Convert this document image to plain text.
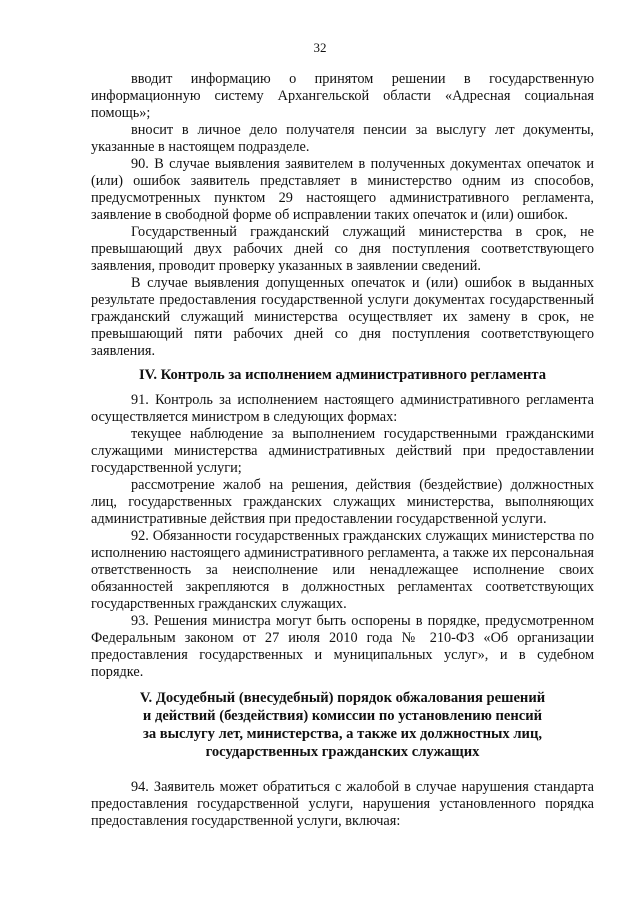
32

вводит информацию о принятом решении в государственную информационную систему Архангельской области «Адресная социальная помощь»;

вносит в личное дело получателя пенсии за выслугу лет документы, указанные в настоящем подразделе.

90. В случае выявления заявителем в полученных документах опечаток и (или) ошибок заявитель представляет в министерство одним из способов, предусмотренных пунктом 29 настоящего административного регламента, заявление в свободной форме об исправлении таких опечаток и (или) ошибок.

Государственный гражданский служащий министерства в срок, не превышающий двух рабочих дней со дня поступления соответствующего заявления, проводит проверку указанных в заявлении сведений.

В случае выявления допущенных опечаток и (или) ошибок в выданных результате предоставления государственной услуги документах государственный гражданский служащий министерства осуществляет их замену в срок, не превышающий пяти рабочих дней со дня поступления соответствующего заявления.

IV. Контроль за исполнением административного регламента

91. Контроль за исполнением настоящего административного регламента осуществляется министром в следующих формах:

текущее наблюдение за выполнением государственными гражданскими служащими министерства административных действий при предоставлении государственной услуги;

рассмотрение жалоб на решения, действия (бездействие) должностных лиц, государственных гражданских служащих министерства, выполняющих административные действия при предоставлении государственной услуги.

92. Обязанности государственных гражданских служащих министерства по исполнению настоящего административного регламента, а также их персональная ответственность за неисполнение или ненадлежащее исполнение своих обязанностей закрепляются в должностных регламентах соответствующих государственных гражданских служащих.

93. Решения министра могут быть оспорены в порядке, предусмотренном Федеральным законом от 27 июля 2010 года № 210-ФЗ «Об организации предоставления государственных и муниципальных услуг», и в судебном порядке.

V. Досудебный (внесудебный) порядок обжалования решений

и действий (бездействия) комиссии по установлению пенсий

за выслугу лет, министерства, а также их должностных лиц,

государственных гражданских служащих

94. Заявитель может обратиться с жалобой в случае нарушения стандарта предоставления государственной услуги, нарушения установленного порядка предоставления государственной услуги, включая:
